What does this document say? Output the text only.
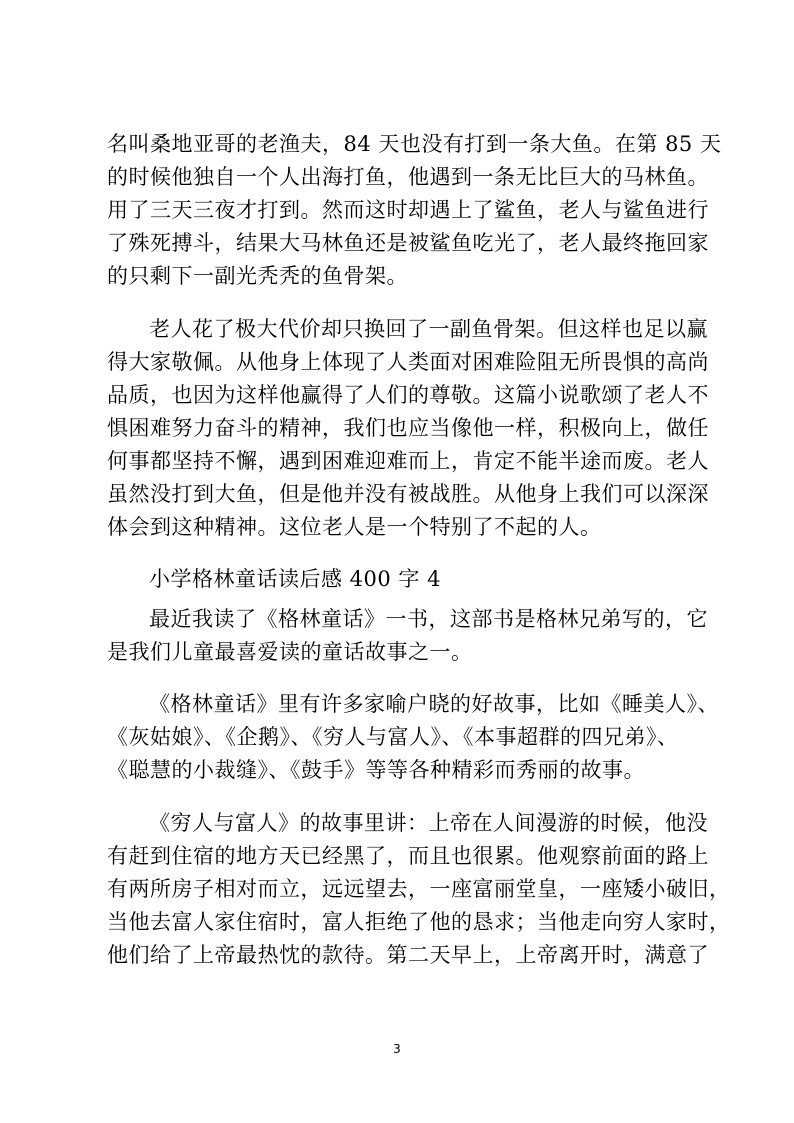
名叫桑地亚哥的老渔夫，84 天也没有打到一条大鱼。在第 85 天
的时候他独自一个人出海打鱼，他遇到一条无比巨大的马林鱼。
用了三天三夜才打到。然而这时却遇上了鲨鱼，老人与鲨鱼进行
了殊死搏斗，结果大马林鱼还是被鲨鱼吃光了，老人最终拖回家
的只剩下一副光秃秃的鱼骨架。
老人花了极大代价却只换回了一副鱼骨架。但这样也足以赢
得大家敬佩。从他身上体现了人类面对困难险阻无所畏惧的高尚
品质，也因为这样他赢得了人们的尊敬。这篇小说歌颂了老人不
惧困难努力奋斗的精神，我们也应当像他一样，积极向上，做任
何事都坚持不懈，遇到困难迎难而上，肯定不能半途而废。老人
虽然没打到大鱼，但是他并没有被战胜。从他身上我们可以深深
体会到这种精神。这位老人是一个特别了不起的人。
小学格林童话读后感 400 字 4
最近我读了《格林童话》一书，这部书是格林兄弟写的，它
是我们儿童最喜爱读的童话故事之一。
《格林童话》里有许多家喻户晓的好故事，比如《睡美人》、
《灰姑娘》、《企鹅》、《穷人与富人》、《本事超群的四兄弟》、
《聪慧的小裁缝》、《鼓手》等等各种精彩而秀丽的故事。
《穷人与富人》的故事里讲：上帝在人间漫游的时候，他没
有赶到住宿的地方天已经黑了，而且也很累。他观察前面的路上
有两所房子相对而立，远远望去，一座富丽堂皇，一座矮小破旧，
当他去富人家住宿时，富人拒绝了他的恳求；当他走向穷人家时，
他们给了上帝最热忱的款待。第二天早上，上帝离开时，满意了
3
